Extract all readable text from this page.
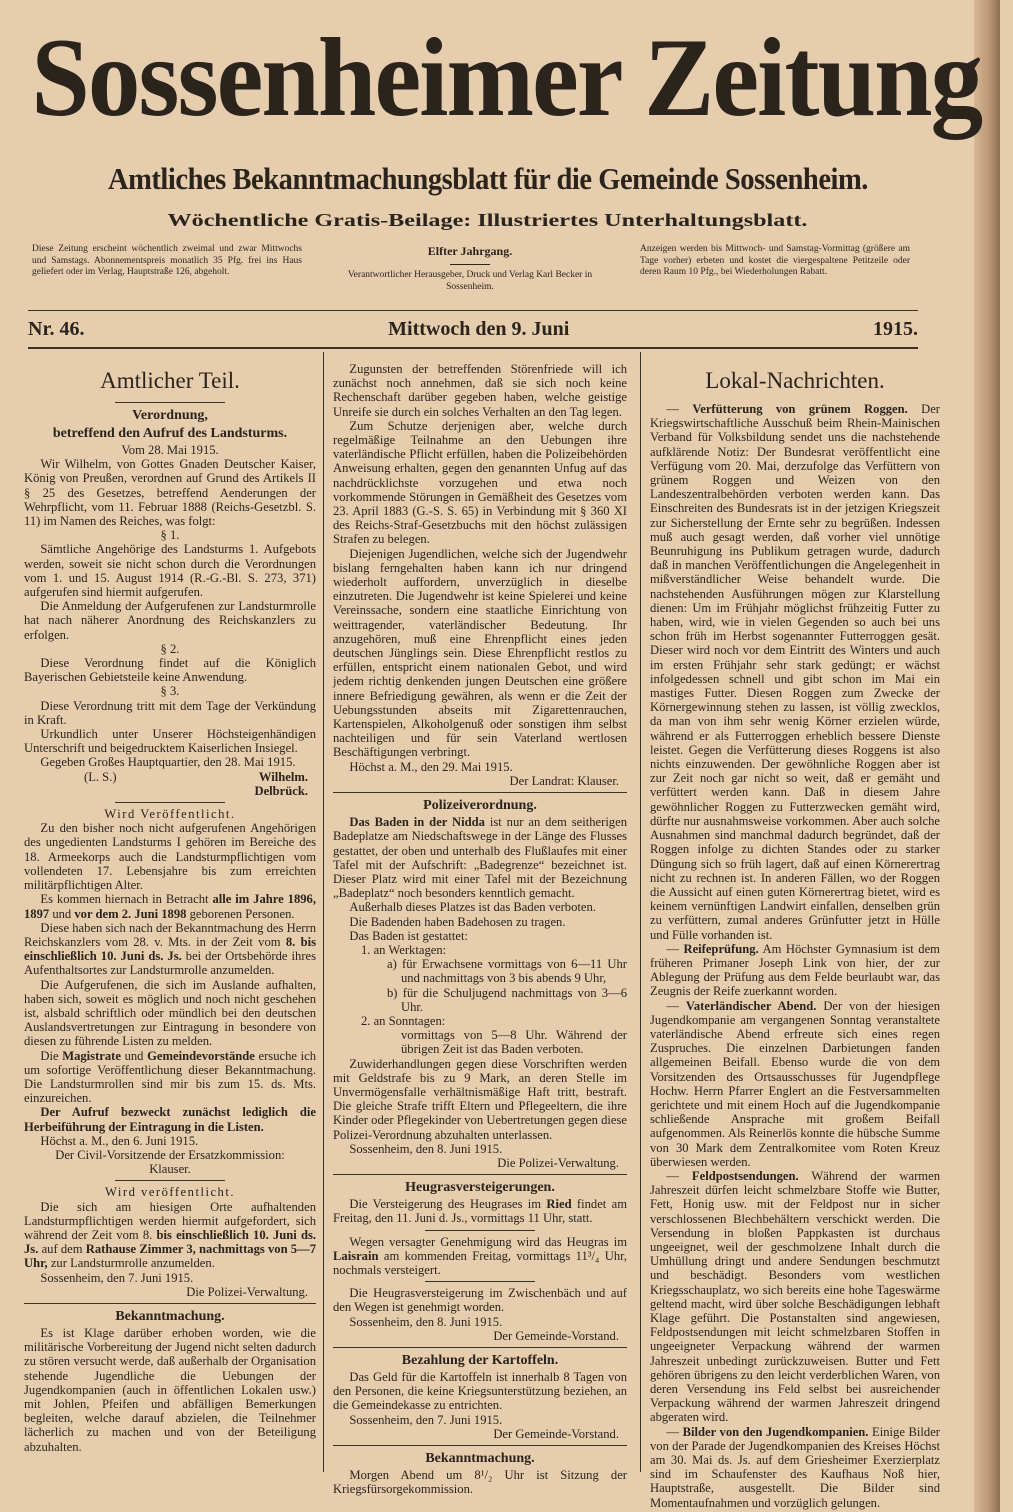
Sossenheimer Zeitung
Amtliches Bekanntmachungsblatt für die Gemeinde Sossenheim.
Wöchentliche Gratis-Beilage: Illustriertes Unterhaltungsblatt.
Diese Zeitung erscheint wöchentlich zweimal und zwar Mittwochs und Samstags. Abonnementspreis monatlich 35 Pfg. frei ins Haus geliefert oder im Verlag, Hauptstraße 126, abgeholt.
Elfter Jahrgang.
Verantwortlicher Herausgeber, Druck und Verlag Karl Becker in Sossenheim.
Anzeigen werden bis Mittwoch- und Samstag-Vormittag (größere am Tage vorher) erbeten und kostet die viergespaltene Petitzeile oder deren Raum 10 Pfg., bei Wiederholungen Rabatt.
Nr. 46.	Mittwoch den 9. Juni	1915.
Amtlicher Teil.
Verordnung,
betreffend den Aufruf des Landsturms.
Vom 28. Mai 1915.

Wir Wilhelm, von Gottes Gnaden Deutscher Kaiser, König von Preußen, verordnen auf Grund des Artikels II § 25 des Gesetzes, betreffend Aenderungen der Wehrpflicht, vom 11. Februar 1888 (Reichs-Gesetzbl. S. 11) im Namen des Reiches, was folgt:

§ 1.

Sämtliche Angehörige des Landsturms 1. Aufgebots werden, soweit sie nicht schon durch die Verordnungen vom 1. und 15. August 1914 (R.-G.-Bl. S. 273, 371) aufgerufen sind hiermit aufgerufen.

Die Anmeldung der Aufgerufenen zur Landsturmrolle hat nach näherer Anordnung des Reichskanzlers zu erfolgen.

§ 2.

Diese Verordnung findet auf die Königlich Bayerischen Gebietsteile keine Anwendung.

§ 3.

Diese Verordnung tritt mit dem Tage der Verkündung in Kraft.

Urkundlich unter Unserer Höchsteigenhändigen Unterschrift und beigedrucktem Kaiserlichen Insiegel.

Gegeben Großes Hauptquartier, den 28. Mai 1915.

(L. S.)	Wilhelm.
Delbrück.
Wird Veröffentlicht.

Zu den bisher noch nicht aufgerufenen Angehörigen des ungedienten Landsturms I gehören im Bereiche des 18. Armeekorps auch die Landsturmpflichtigen vom vollendeten 17. Lebensjahre bis zum erreichten militärpflichtigen Alter.

Es kommen hiernach in Betracht alle im Jahre 1896, 1897 und vor dem 2. Juni 1898 geborenen Personen.

Diese haben sich nach der Bekanntmachung des Herrn Reichskanzlers vom 28. v. Mts. in der Zeit vom 8. bis einschließlich 10. Juni ds. Js. bei der Ortsbehörde ihres Aufenthaltsortes zur Landsturmrolle anzumelden.

Die Aufgerufenen, die sich im Auslande aufhalten, haben sich, soweit es möglich und noch nicht geschehen ist, alsbald schriftlich oder mündlich bei den deutschen Auslandsvertretungen zur Eintragung in besondere von diesen zu führende Listen zu melden.

Die Magistrate und Gemeindevorstände ersuche ich um sofortige Veröffentlichung dieser Bekanntmachung. Die Landsturmrollen sind mir bis zum 15. ds. Mts. einzureichen.

Der Aufruf bezweckt zunächst lediglich die Herbeiführung der Eintragung in die Listen.

Höchst a. M., den 6. Juni 1915.

Der Civil-Vorsitzende der Ersatzkommission:
Klauser.
Wird veröffentlicht.

Die sich am hiesigen Orte aufhaltenden Landsturmpflichtigen werden hiermit aufgefordert, sich während der Zeit vom 8. bis einschließlich 10. Juni ds. Js. auf dem Rathause Zimmer 3, nachmittags von 5—7 Uhr, zur Landsturmrolle anzumelden.

Sossenheim, den 7. Juni 1915.

Die Polizei-Verwaltung.
Bekanntmachung.

Es ist Klage darüber erhoben worden, wie die militärische Vorbereitung der Jugend nicht selten dadurch zu stören versucht werde, daß außerhalb der Organisation stehende Jugendliche die Uebungen der Jugendkompanien (auch in öffentlichen Lokalen usw.) mit Johlen, Pfeifen und abfälligen Bemerkungen begleiten, welche darauf abzielen, die Teilnehmer lächerlich zu machen und von der Beteiligung abzuhalten.

Zugunsten der betreffenden Störenfriede will ich zunächst noch annehmen, daß sie sich noch keine Rechenschaft darüber gegeben haben, welche geistige Unreife sie durch ein solches Verhalten an den Tag legen.

Zum Schutze derjenigen aber, welche durch regelmäßige Teilnahme an den Uebungen ihre vaterländische Pflicht erfüllen, haben die Polizeibehörden Anweisung erhalten, gegen den genannten Unfug auf das nachdrücklichste vorzugehen und etwa noch vorkommende Störungen in Gemäßheit des Gesetzes vom 23. April 1883 (G.-S. S. 65) in Verbindung mit § 360 XI des Reichs-Straf-Gesetzbuchs mit den höchst zulässigen Strafen zu belegen.

Diejenigen Jugendlichen, welche sich der Jugendwehr bislang ferngehalten haben kann ich nur dringend wiederholt auffordern, unverzüglich in dieselbe einzutreten. Die Jugendwehr ist keine Spielerei und keine Vereinssache, sondern eine staatliche Einrichtung von weittragender, vaterländischer Bedeutung. Ihr anzugehören, muß eine Ehrenpflicht eines jeden deutschen Jünglings sein. Diese Ehrenpflicht restlos zu erfüllen, entspricht einem nationalen Gebot, und wird jedem richtig denkenden jungen Deutschen eine größere innere Befriedigung gewähren, als wenn er die Zeit der Uebungsstunden abseits mit Zigarettenrauchen, Kartenspielen, Alkoholgenuß oder sonstigen ihm selbst nachteiligen und für sein Vaterland wertlosen Beschäftigungen verbringt.

Höchst a. M., den 29. Mai 1915.

Der Landrat: Klauser.
Polizeiverordnung.

Das Baden in der Nidda ist nur an dem seitherigen Badeplatze am Niedschaftswege in der Länge des Flusses gestattet, der oben und unterhalb des Flußlaufes mit einer Tafel mit der Aufschrift: „Badegrenze“ bezeichnet ist. Dieser Platz wird mit einer Tafel mit der Bezeichnung „Badeplatz“ noch besonders kenntlich gemacht.

Außerhalb dieses Platzes ist das Baden verboten.

Die Badenden haben Badehosen zu tragen.

Das Baden ist gestattet:

1. an Werktagen:
a) für Erwachsene vormittags von 6—11 Uhr und nachmittags von 3 bis abends 9 Uhr,
b) für die Schuljugend nachmittags von 3—6 Uhr.
2. an Sonntagen:
vormittags von 5—8 Uhr. Während der übrigen Zeit ist das Baden verboten.

Zuwiderhandlungen gegen diese Vorschriften werden mit Geldstrafe bis zu 9 Mark, an deren Stelle im Unvermögensfalle verhältnismäßige Haft tritt, bestraft. Die gleiche Strafe trifft Eltern und Pflegeeltern, die ihre Kinder oder Pflegekinder von Uebertretungen gegen diese Polizei-Verordnung abzuhalten unterlassen.

Sossenheim, den 8. Juni 1915.

Die Polizei-Verwaltung.
Heugrasversteigerungen.

Die Versteigerung des Heugrases im Ried findet am Freitag, den 11. Juni d. Js., vormittags 11 Uhr, statt.

Wegen versagter Genehmigung wird das Heugras im Laisrain am kommenden Freitag, vormittags 11³/₄ Uhr, nochmals versteigert.

Die Heugrasversteigerung im Zwischenbäch und auf den Wegen ist genehmigt worden.

Sossenheim, den 8. Juni 1915.

Der Gemeinde-Vorstand.
Bezahlung der Kartoffeln.

Das Geld für die Kartoffeln ist innerhalb 8 Tagen von den Personen, die keine Kriegsunterstützung beziehen, an die Gemeindekasse zu entrichten.

Sossenheim, den 7. Juni 1915.

Der Gemeinde-Vorstand.
Bekanntmachung.

Morgen Abend um 8¹/₂ Uhr ist Sitzung der Kriegsfürsorgekommission.

Lokal-Nachrichten.

— Verfütterung von grünem Roggen. Der Kriegswirtschaftliche Ausschuß beim Rhein-Mainischen Verband für Volksbildung sendet uns die nachstehende aufklärende Notiz: Der Bundesrat veröffentlicht eine Verfügung vom 20. Mai, derzufolge das Verfüttern von grünem Roggen und Weizen von den Landeszentralbehörden verboten werden kann. Das Einschreiten des Bundesrats ist in der jetzigen Kriegszeit zur Sicherstellung der Ernte sehr zu begrüßen. Indessen muß auch gesagt werden, daß vorher viel unnötige Beunruhigung ins Publikum getragen wurde, dadurch daß in manchen Veröffentlichungen die Angelegenheit in mißverständlicher Weise behandelt wurde. Die nachstehenden Ausführungen mögen zur Klarstellung dienen: Um im Frühjahr möglichst frühzeitig Futter zu haben, wird, wie in vielen Gegenden so auch bei uns schon früh im Herbst sogenannter Futterroggen gesät. Dieser wird noch vor dem Eintritt des Winters und auch im ersten Frühjahr sehr stark gedüngt; er wächst infolgedessen schnell und gibt schon im Mai ein mastiges Futter. Diesen Roggen zum Zwecke der Körnergewinnung stehen zu lassen, ist völlig zwecklos, da man von ihm sehr wenig Körner erzielen würde, während er als Futterroggen erheblich bessere Dienste leistet. Gegen die Verfütterung dieses Roggens ist also nichts einzuwenden. Der gewöhnliche Roggen aber ist zur Zeit noch gar nicht so weit, daß er gemäht und verfüttert werden kann. Daß in diesem Jahre gewöhnlicher Roggen zu Futterzwecken gemäht wird, dürfte nur ausnahmsweise vorkommen. Aber auch solche Ausnahmen sind manchmal dadurch begründet, daß der Roggen infolge zu dichten Standes oder zu starker Düngung sich so früh lagert, daß auf einen Körnerertrag nicht zu rechnen ist. In anderen Fällen, wo der Roggen die Aussicht auf einen guten Körnerertrag bietet, wird es keinem vernünftigen Landwirt einfallen, denselben grün zu verfüttern, zumal anderes Grünfutter jetzt in Hülle und Fülle vorhanden ist.

— Reifeprüfung. Am Höchster Gymnasium ist dem früheren Primaner Joseph Link von hier, der zur Ablegung der Prüfung aus dem Felde beurlaubt war, das Zeugnis der Reife zuerkannt worden.

— Vaterländischer Abend. Der von der hiesigen Jugendkompanie am vergangenen Sonntag veranstaltete vaterländische Abend erfreute sich eines regen Zuspruches. Die einzelnen Darbietungen fanden allgemeinen Beifall. Ebenso wurde die von dem Vorsitzenden des Ortsausschusses für Jugendpflege Hochw. Herrn Pfarrer Englert an die Festversammelten gerichtete und mit einem Hoch auf die Jugendkompanie schließende Ansprache mit großem Beifall aufgenommen. Als Reinerlös konnte die hübsche Summe von 30 Mark dem Zentralkomitee vom Roten Kreuz überwiesen werden.

— Feldpostsendungen. Während der warmen Jahreszeit dürfen leicht schmelzbare Stoffe wie Butter, Fett, Honig usw. mit der Feldpost nur in sicher verschlossenen Blechbehältern verschickt werden. Die Versendung in bloßen Pappkasten ist durchaus ungeeignet, weil der geschmolzene Inhalt durch die Umhüllung dringt und andere Sendungen beschmutzt und beschädigt. Besonders vom westlichen Kriegsschauplatz, wo sich bereits eine hohe Tageswärme geltend macht, wird über solche Beschädigungen lebhaft Klage geführt. Die Postanstalten sind angewiesen, Feldpostsendungen mit leicht schmelzbaren Stoffen in ungeeigneter Verpackung während der warmen Jahreszeit unbedingt zurückzuweisen. Butter und Fett gehören übrigens zu den leicht verderblichen Waren, von deren Versendung ins Feld selbst bei ausreichender Verpackung während der warmen Jahreszeit dringend abgeraten wird.

— Bilder von den Jugendkompanien. Einige Bilder von der Parade der Jugendkompanien des Kreises Höchst am 30. Mai ds. Js. auf dem Griesheimer Exerzierplatz sind im Schaufenster des Kaufhaus Noß hier, Hauptstraße, ausgestellt. Die Bilder sind Momentaufnahmen und vorzüglich gelungen.
